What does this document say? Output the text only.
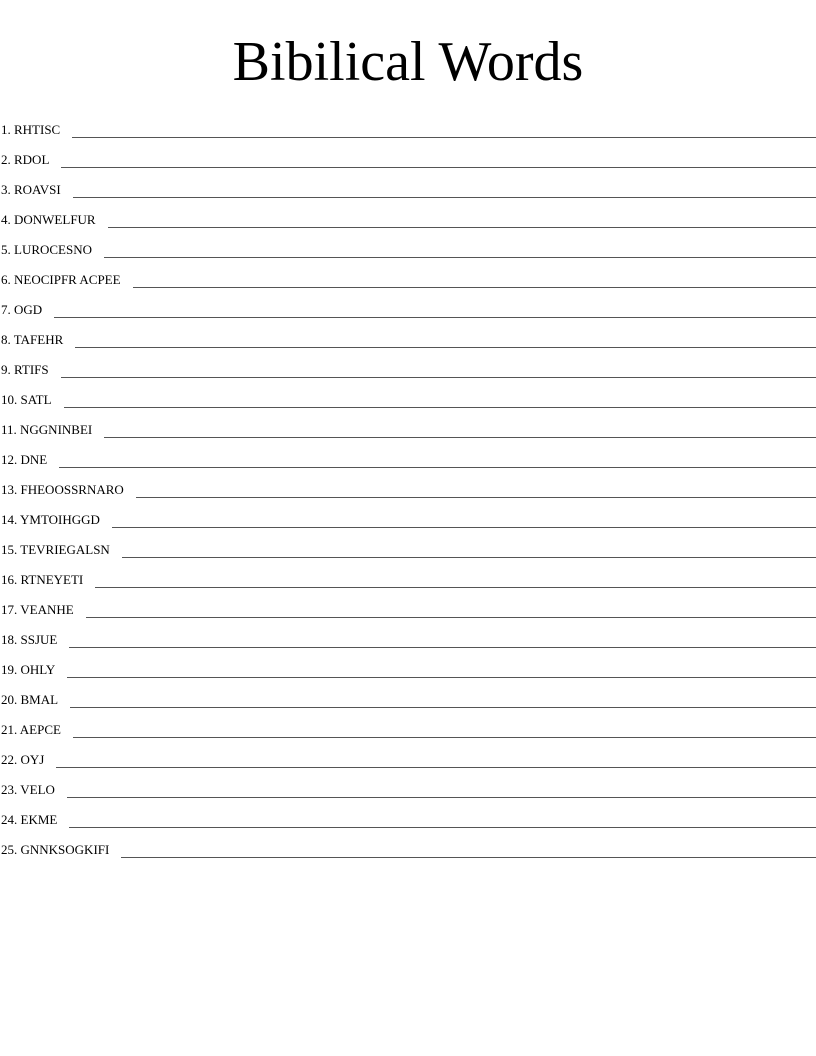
Bibilical Words
1. RHTISC
2. RDOL
3. ROAVSI
4. DONWELFUR
5. LUROCESNO
6. NEOCIPFR ACPEE
7. OGD
8. TAFEHR
9. RTIFS
10. SATL
11. NGGNINBEI
12. DNE
13. FHEOOSSRNARO
14. YMTOIHGGD
15. TEVRIEGALSN
16. RTNEYETI
17. VEANHE
18. SSJUE
19. OHLY
20. BMAL
21. AEPCE
22. OYJ
23. VELO
24. EKME
25. GNNKSOGKIFI
